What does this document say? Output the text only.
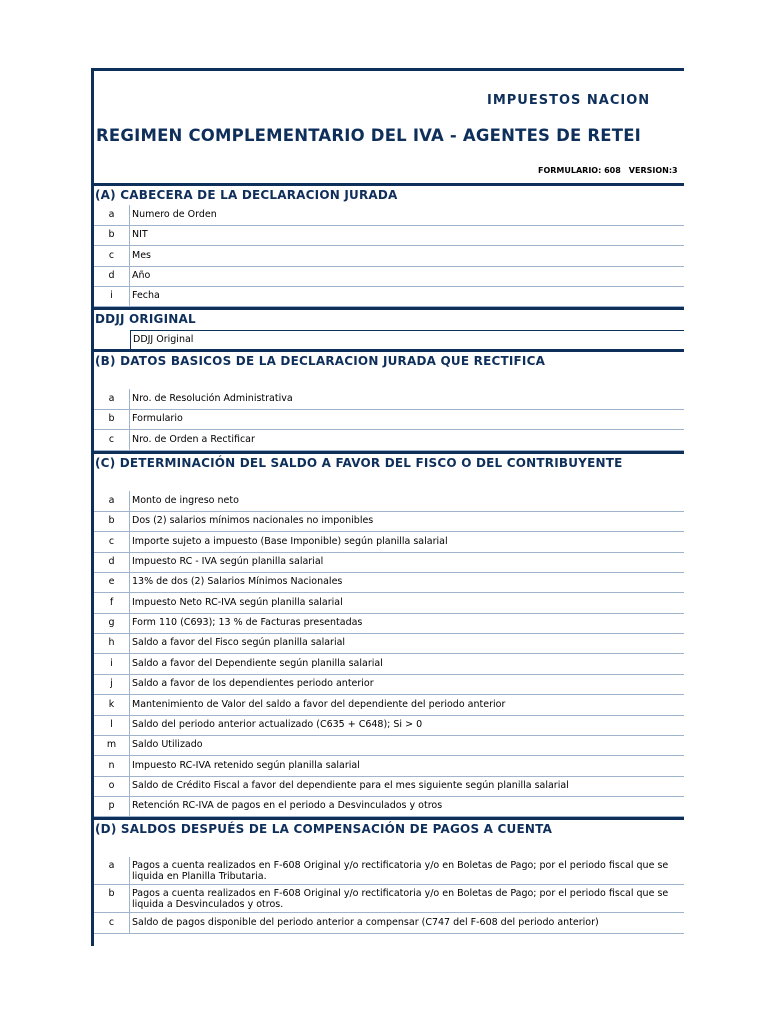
IMPUESTOS NACION
REGIMEN COMPLEMENTARIO DEL IVA - AGENTES DE RETEI
FORMULARIO: 608 VERSION:3
(A) CABECERA DE LA DECLARACION JURADA
a	Numero de Orden
b	NIT
c	Mes
d	Año
i	Fecha
DDJJ ORIGINAL
DDJJ Original
(B) DATOS BASICOS DE LA DECLARACION JURADA QUE RECTIFICA
a	Nro. de Resolución Administrativa
b	Formulario
c	Nro. de Orden a Rectificar
(C) DETERMINACIÓN DEL SALDO A FAVOR DEL FISCO O DEL CONTRIBUYENTE
a	Monto de ingreso neto
b	Dos (2) salarios mínimos nacionales no imponibles
c	Importe sujeto a impuesto (Base Imponible) según planilla salarial
d	Impuesto RC - IVA según planilla salarial
e	13% de dos (2) Salarios Mínimos Nacionales
f	Impuesto Neto RC-IVA según planilla salarial
g	Form 110 (C693); 13 % de Facturas presentadas
h	Saldo a favor del Fisco según planilla salarial
i	Saldo a favor del Dependiente según planilla salarial
j	Saldo a favor de los dependientes periodo anterior
k	Mantenimiento de Valor del saldo a favor del dependiente del periodo anterior
l	Saldo del periodo anterior actualizado (C635 + C648); Si > 0
m	Saldo Utilizado
n	Impuesto RC-IVA retenido según planilla salarial
o	Saldo de Crédito Fiscal a favor del dependiente para el mes siguiente según planilla salarial
p	Retención RC-IVA de pagos en el periodo a Desvinculados y otros
(D) SALDOS DESPUÉS DE LA COMPENSACIÓN DE PAGOS A CUENTA
a	Pagos a cuenta realizados en F-608 Original y/o rectificatoria y/o en Boletas de Pago; por el periodo fiscal que se liquida en Planilla Tributaria.
b	Pagos a cuenta realizados en F-608 Original y/o rectificatoria y/o en Boletas de Pago; por el periodo fiscal que se liquida a Desvinculados y otros.
c	Saldo de pagos disponible del periodo anterior a compensar (C747 del F-608 del periodo anterior)
